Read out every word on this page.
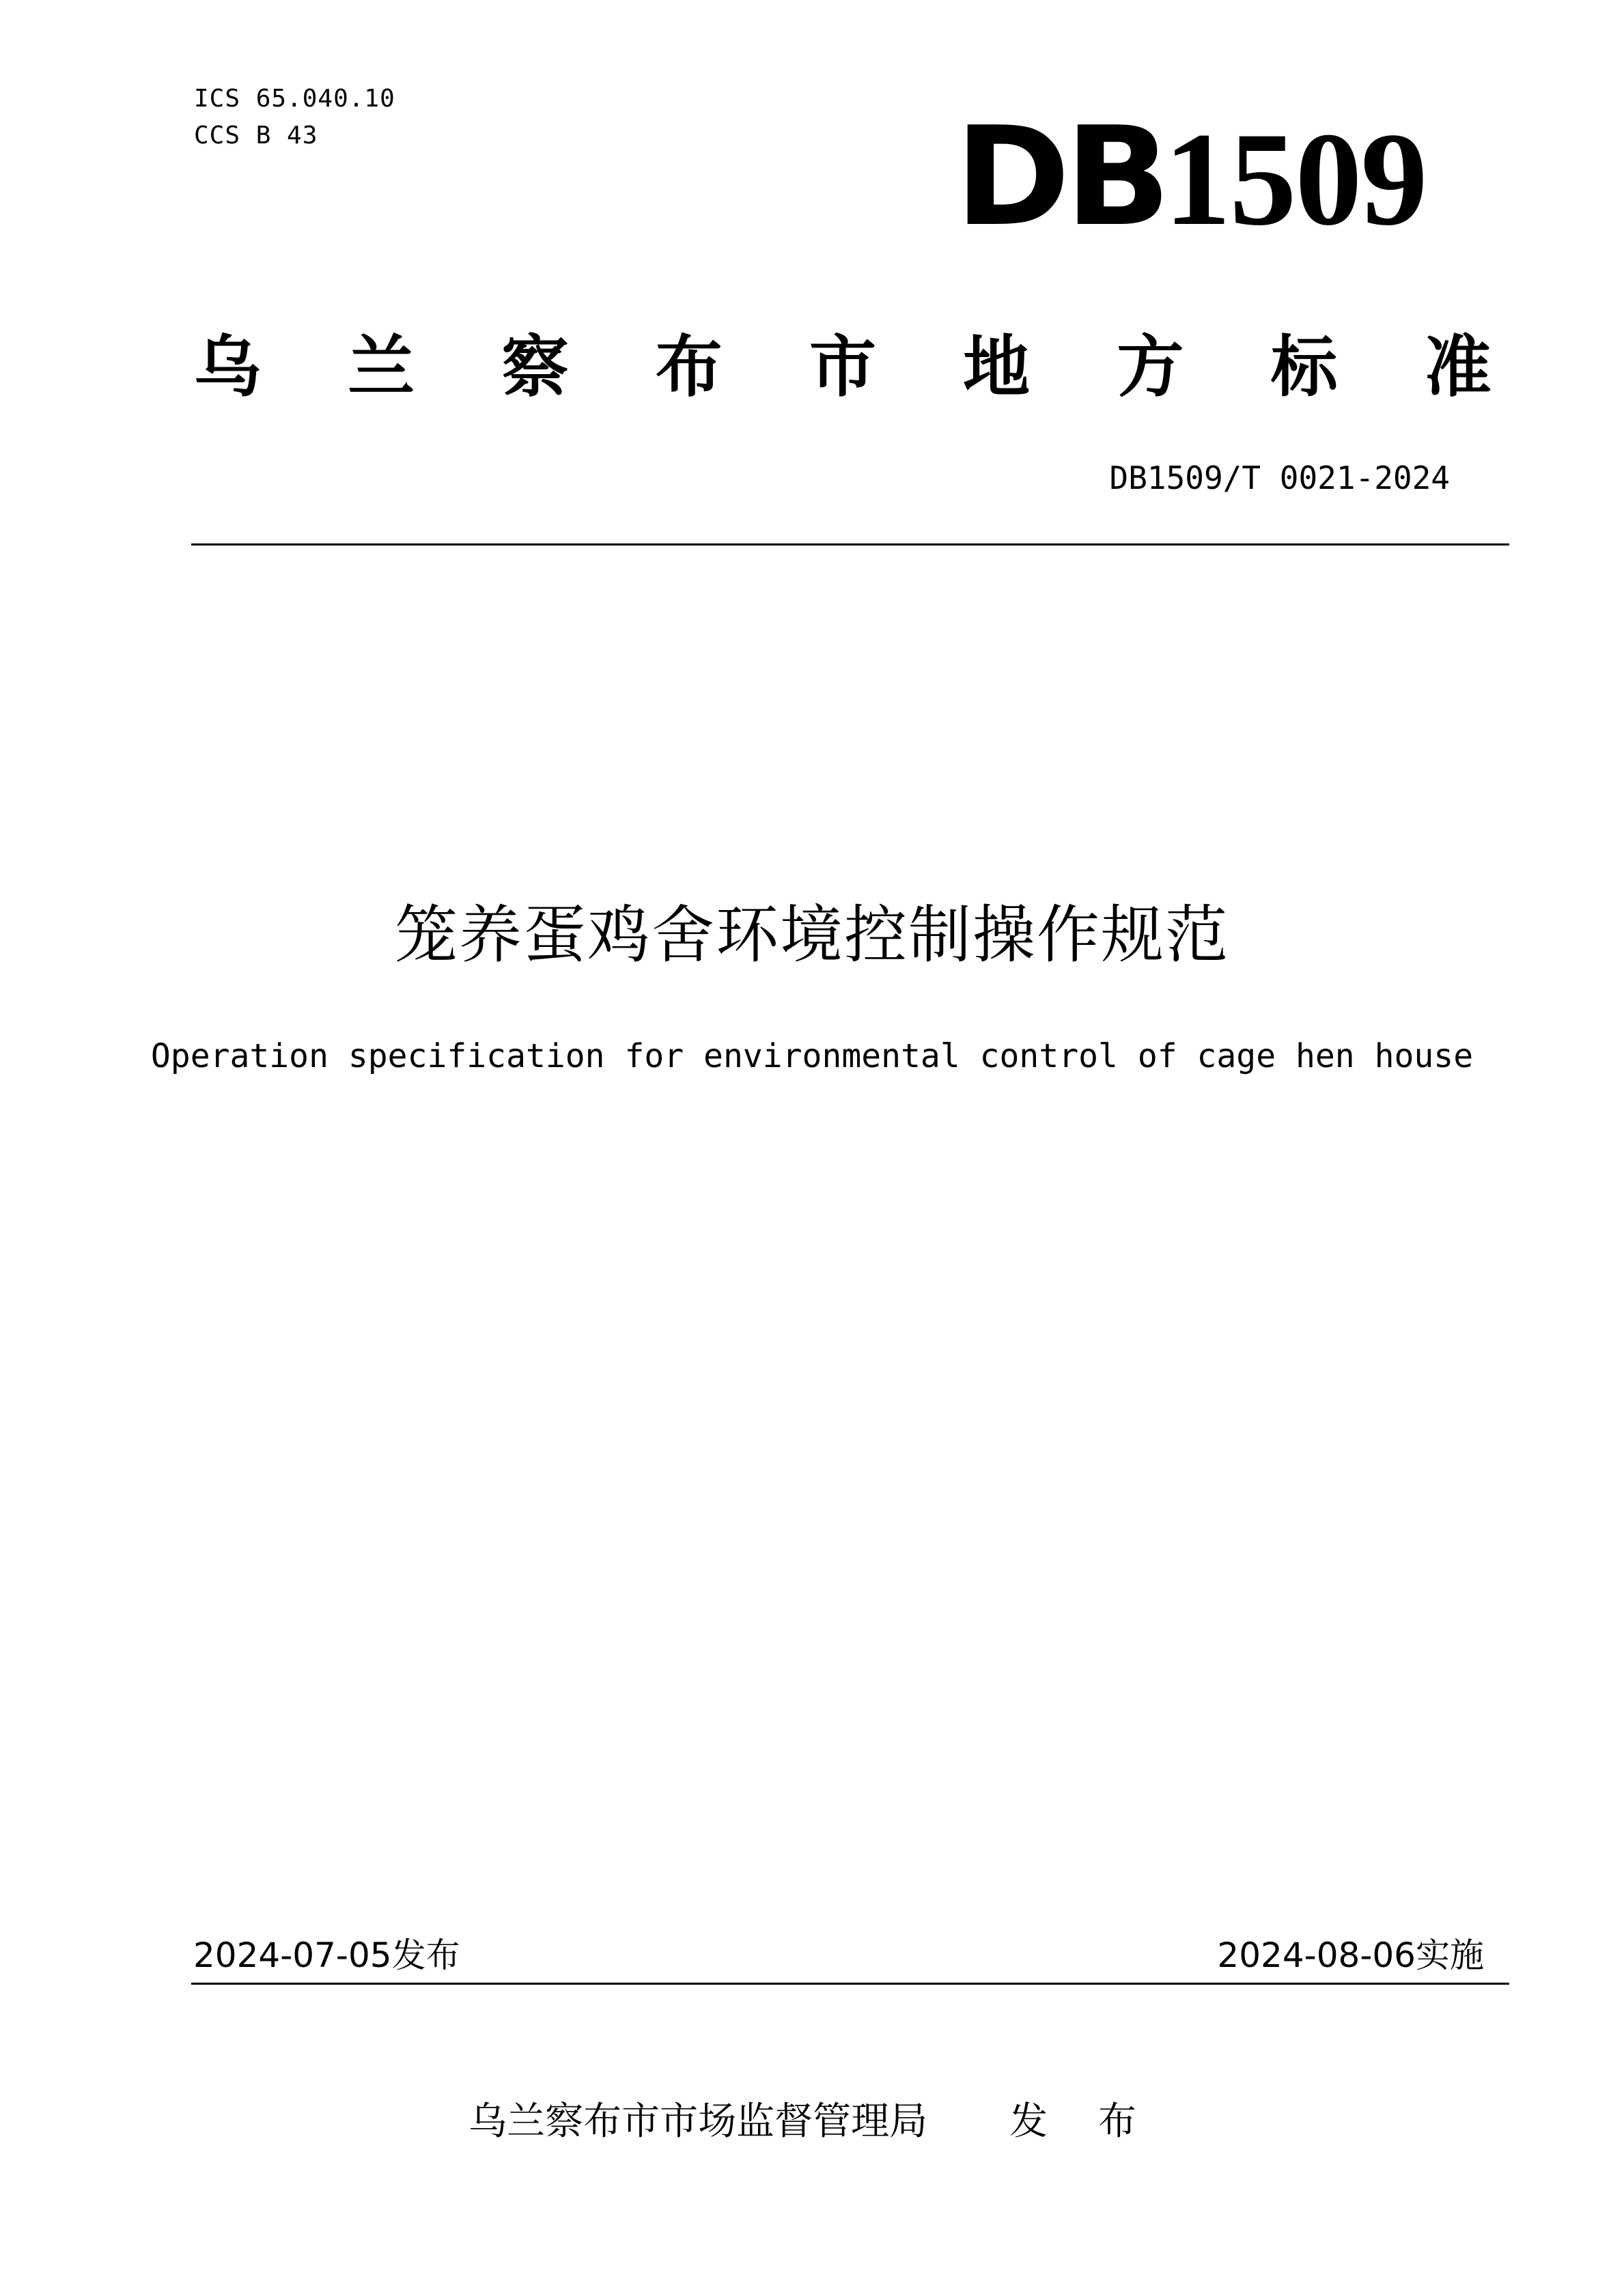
ICS 65.040.10
CCS B 43	DB1509
乌 兰 察 布 市 地 方 标 准
DB1509/T 0021-2024
笼养蛋鸡舍环境控制操作规范
Operation specification for environmental control of cage hen house
2024-07-05发布	2024-08-06实施
乌兰察布市市场监督管理局 发 布
